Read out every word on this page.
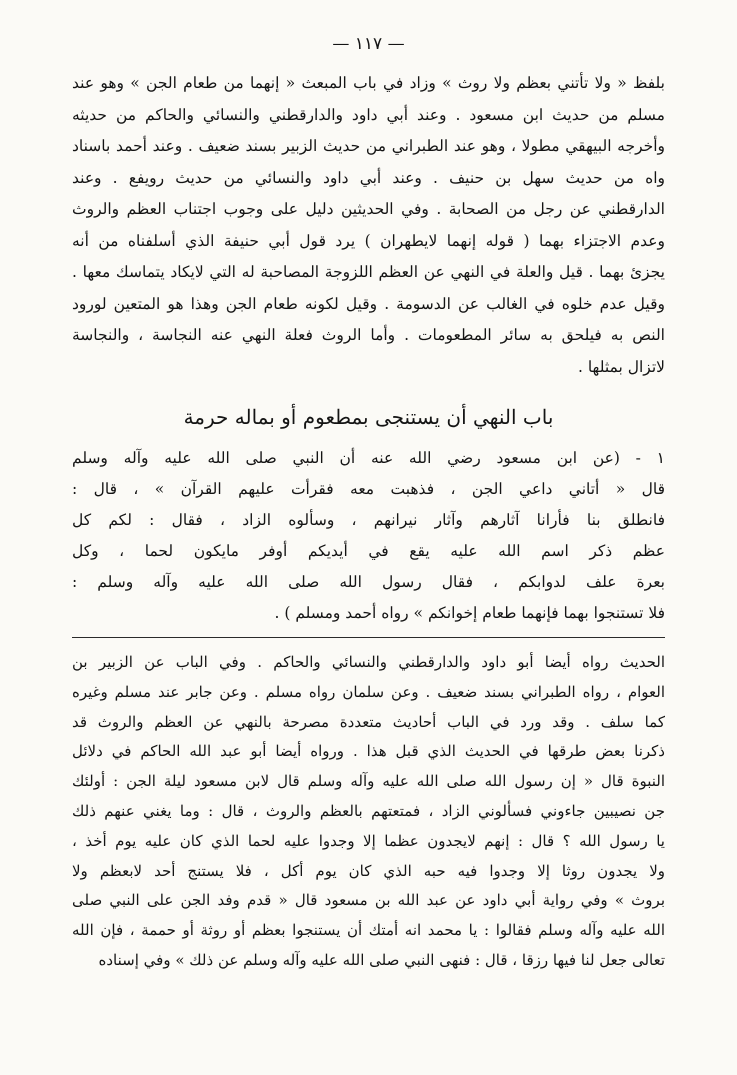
— ١١٧ —

بلفظ « ولا تأتني بعظم ولا روث » وزاد في باب المبعث « إنهما من طعام الجن » وهو عند
مسلم من حديث ابن مسعود . وعند أبي داود والدارقطني والنسائي والحاكم من حديثه
وأخرجه البيهقي مطولا ، وهو عند الطبراني من حديث الزبير بسند ضعيف . وعند أحمد باسناد
واه من حديث سهل بن حنيف . وعند أبي داود والنسائي من حديث رويفع . وعند
الدارقطني عن رجل من الصحابة . وفي الحديثين دليل على وجوب اجتناب العظم والروث
وعدم الاجتزاء بهما ( قوله إنهما لايطهران ) يرد قول أبي حنيفة الذي أسلفناه من أنه
يجزئ بهما . قيل والعلة في النهي عن العظم اللزوجة المصاحبة له التي لايكاد يتماسك معها .
وقيل عدم خلوه في الغالب عن الدسومة . وقيل لكونه طعام الجن وهذا هو المتعين لورود
النص به فيلحق به سائر المطعومات . وأما الروث فعلة النهي عنه النجاسة ، والنجاسة
لاتزال بمثلها .

باب النهي أن يستنجى بمطعوم أو بماله حرمة

١ - (عن ابن مسعود رضي الله عنه أن النبي صلى الله عليه وآله وسلم
قال « أتاني داعي الجن ، فذهبت معه فقرأت عليهم القرآن » ، قال :
فانطلق بنا فأرانا آثارهم وآثار نيرانهم ، وسألوه الزاد ، فقال : لكم كل
عظم ذكر اسم الله عليه يقع في أيديكم أوفر مايكون لحما ، وكل
بعرة علف لدوابكم ، فقال رسول الله صلى الله عليه وآله وسلم :
فلا تستنجوا بهما فإنهما طعام إخوانكم » رواه أحمد ومسلم ) .

الحديث رواه أيضا أبو داود والدارقطني والنسائي والحاكم . وفي الباب عن الزبير بن
العوام ، رواه الطبراني بسند ضعيف . وعن سلمان رواه مسلم . وعن جابر عند مسلم وغيره
كما سلف . وقد ورد في الباب أحاديث متعددة مصرحة بالنهي عن العظم والروث قد
ذكرنا بعض طرقها في الحديث الذي قبل هذا . ورواه أيضا أبو عبد الله الحاكم في دلائل
النبوة قال « إن رسول الله صلى الله عليه وآله وسلم قال لابن مسعود ليلة الجن : أولئك
جن نصيبين جاءوني فسألوني الزاد ، فمتعتهم بالعظم والروث ، قال : وما يغني عنهم ذلك
يا رسول الله ؟ قال : إنهم لايجدون عظما إلا وجدوا عليه لحما الذي كان عليه يوم أخذ ،
ولا يجدون روثا إلا وجدوا فيه حبه الذي كان يوم أكل ، فلا يستنج أحد لابعظم ولا
بروث » وفي رواية أبي داود عن عبد الله بن مسعود قال « قدم وفد الجن على النبي صلى
الله عليه وآله وسلم فقالوا : يا محمد انه أمتك أن يستنجوا بعظم أو روثة أو حممة ، فإن الله
تعالى جعل لنا فيها رزقا ، قال : فنهى النبي صلى الله عليه وآله وسلم عن ذلك » وفي إسناده
